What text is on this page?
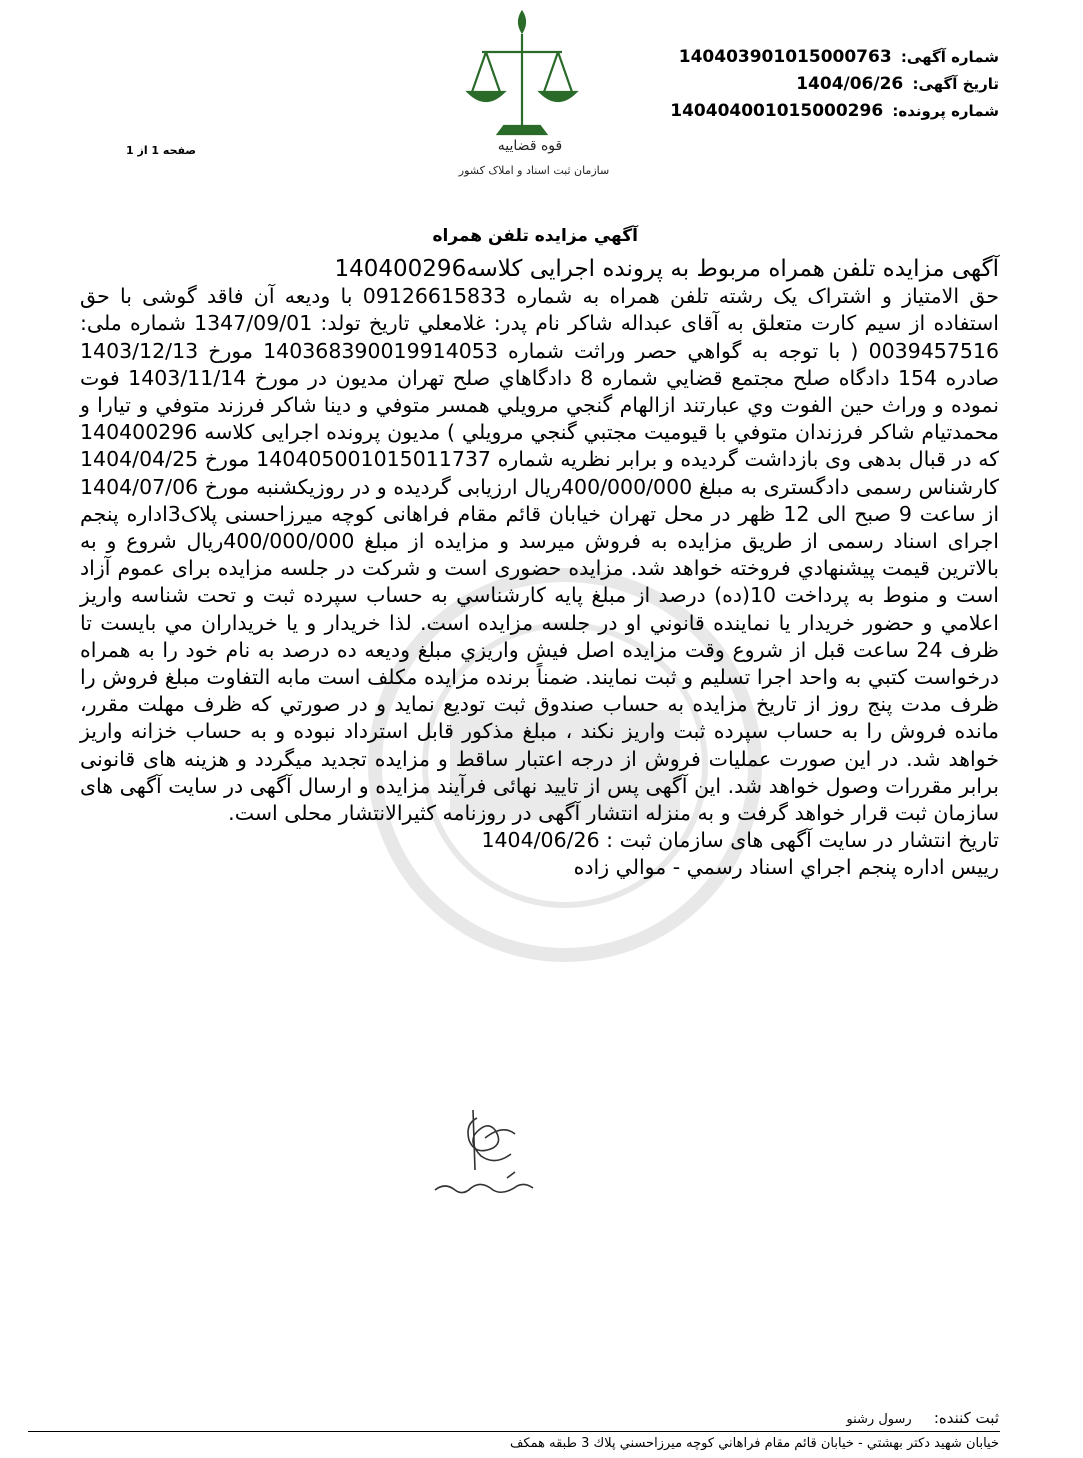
قوه قضاییه
سازمان ثبت اسناد و املاک کشور
شماره آگهی: 14040390101500076‎3
تاریخ آگهی: 1404/06/26
شماره پرونده: 140404001015000296
صفحه 1 از 1
آگهي مزايده تلفن همراه

آگهی مزایده تلفن همراه مربوط به پرونده اجرایی کلاسه140400296

حق الامتیاز و اشتراک یک رشته تلفن همراه به شماره 09126615833 با ودیعه آن فاقد گوشی با حق استفاده از سیم کارت متعلق به آقای عبداله شاکر نام پدر: غلامعلي تاریخ تولد: 1347/09/01 شماره ملی: 0039457516 ( با توجه به گواهي حصر وراثت شماره 140368390019914053 مورخ 1403/12/13 صادره 154 دادگاه صلح مجتمع قضايي شماره 8 دادگاهاي صلح تهران مديون در مورخ 1403/11/14 فوت نموده و وراث حين الفوت وي عبارتند ازالهام گنجي مرويلي همسر متوفي و دينا شاكر فرزند متوفي و تيارا و محمدتيام شاكر فرزندان متوفي با قيوميت مجتبي گنجي مرويلي ) مدیون پرونده اجرایی کلاسه 140400296 که در قبال بدهی وی بازداشت گردیده و برابر نظریه شماره 140405001015011737 مورخ 1404/04/25 کارشناس رسمی دادگستری به مبلغ 400/000/000ریال ارزیابی گردیده و در روزیکشنبه مورخ 1404/07/06 از ساعت 9 صبح الی 12 ظهر در محل تهران خیابان قائم مقام فراهانی کوچه میرزاحسنی پلاک3اداره پنجم اجرای اسناد رسمی از طریق مزایده به فروش میرسد و مزایده از مبلغ 400/000/000ریال شروع و به بالاترین قیمت پیشنهادي فروخته خواهد شد. مزایده حضوری است و شرکت در جلسه مزایده برای عموم آزاد است و منوط به پرداخت 10(ده) درصد از مبلغ پایه کارشناسي به حساب سپرده ثبت و تحت شناسه واريز اعلامي و حضور خريدار يا نماينده قانوني او در جلسه مزايده است. لذا خريدار و يا خريداران مي بايست تا ظرف 24 ساعت قبل از شروع وقت مزايده اصل فيش واريزي مبلغ وديعه ده درصد به نام خود را به همراه درخواست كتبي به واحد اجرا تسليم و ثبت نمايند. ضمناً برنده مزايده مكلف است مابه التفاوت مبلغ فروش را ظرف مدت پنج روز از تاريخ مزايده به حساب صندوق ثبت توديع نمايد و در صورتي كه ظرف مهلت مقرر، مانده فروش را به حساب سپرده ثبت واريز نكند ، مبلغ مذكور قابل استرداد نبوده و به حساب خزانه واريز خواهد شد. در این صورت عملیات فروش از درجه اعتبار ساقط و مزایده تجدید میگردد و هزینه های قانونی برابر مقررات وصول خواهد شد. این آگهی پس از تایید نهائی فرآیند مزایده و ارسال آگهی در سایت آگهی های سازمان ثبت قرار خواهد گرفت و به منزله انتشار آگهی در روزنامه کثیرالانتشار محلی است.

تاریخ انتشار در سایت آگهی های سازمان ثبت : 1404/06/26

ريیس اداره پنجم اجراي اسناد رسمي - موالي زاده

ثبت کننده: رسول رشنو
خيابان شهيد دكتر بهشتي - خيابان قائم مقام فراهاني كوچه ميرزاحسني پلاك 3 طبقه همكف
